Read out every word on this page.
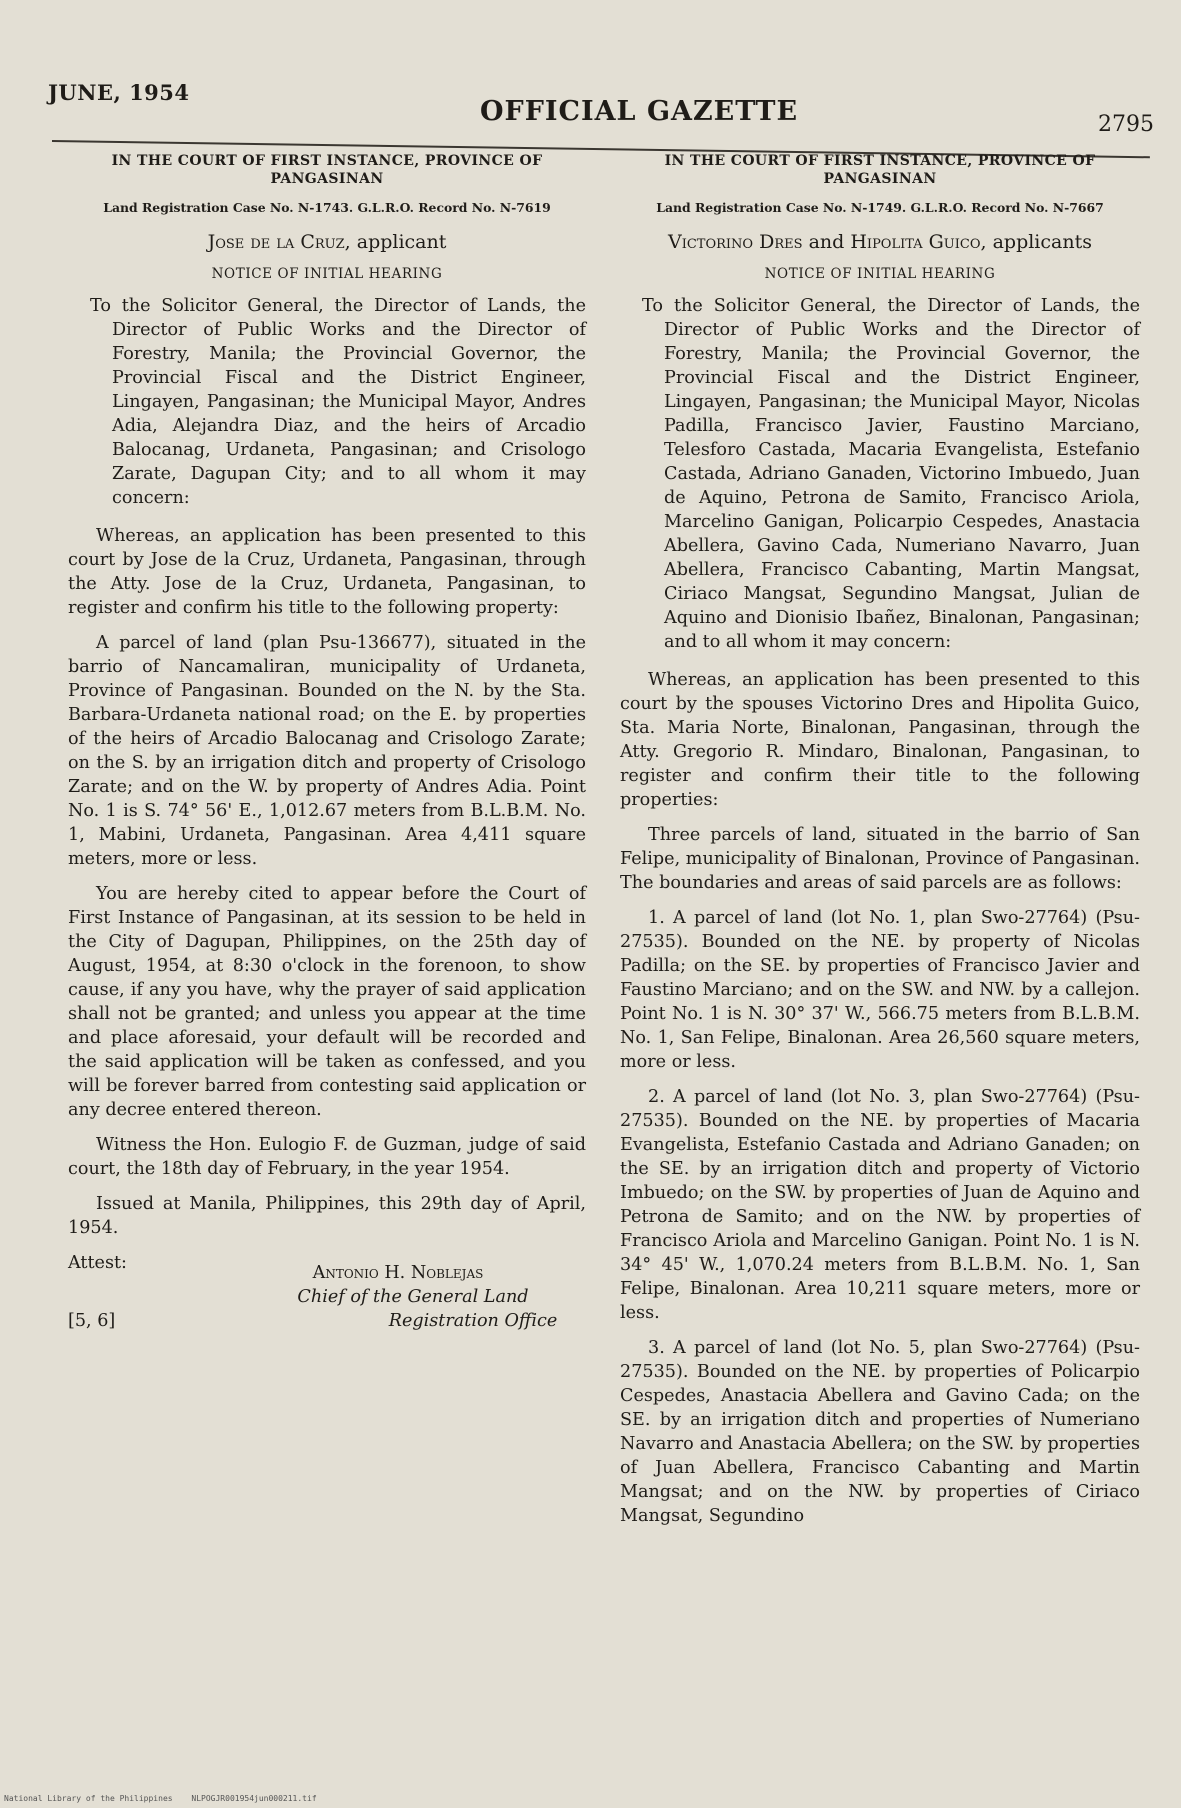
JUNE, 1954
OFFICIAL GAZETTE	2795
IN THE COURT OF FIRST INSTANCE, PROVINCE OF PANGASINAN
Land Registration Case No. N-1743. G.L.R.O. Record No. N-7619
Jose de la Cruz, applicant
NOTICE OF INITIAL HEARING

To the Solicitor General, the Director of Lands, the Director of Public Works and the Director of Forestry, Manila; the Provincial Governor, the Provincial Fiscal and the District Engineer, Lingayen, Pangasinan; the Municipal Mayor, Andres Adia, Alejandra Diaz, and the heirs of Arcadio Balocanag, Urdaneta, Pangasinan; and Crisologo Zarate, Dagupan City; and to all whom it may concern:

Whereas, an application has been presented to this court by Jose de la Cruz, Urdaneta, Pangasinan, through the Atty. Jose de la Cruz, Urdaneta, Pangasinan, to register and confirm his title to the following property:

A parcel of land (plan Psu-136677), situated in the barrio of Nancamaliran, municipality of Urdaneta, Province of Pangasinan. Bounded on the N. by the Sta. Barbara-Urdaneta national road; on the E. by properties of the heirs of Arcadio Balocanag and Crisologo Zarate; on the S. by an irrigation ditch and property of Crisologo Zarate; and on the W. by property of Andres Adia. Point No. 1 is S. 74° 56' E., 1,012.67 meters from B.L.B.M. No. 1, Mabini, Urdaneta, Pangasinan. Area 4,411 square meters, more or less.

You are hereby cited to appear before the Court of First Instance of Pangasinan, at its session to be held in the City of Dagupan, Philippines, on the 25th day of August, 1954, at 8:30 o'clock in the forenoon, to show cause, if any you have, why the prayer of said application shall not be granted; and unless you appear at the time and place aforesaid, your default will be recorded and the said application will be taken as confessed, and you will be forever barred from contesting said application or any decree entered thereon.

Witness the Hon. Eulogio F. de Guzman, judge of said court, the 18th day of February, in the year 1954.

Issued at Manila, Philippines, this 29th day of April, 1954.

Attest:	Antonio H. Noblejas
Chief of the General Land
Registration Office
[5, 6]
IN THE COURT OF FIRST INSTANCE, PROVINCE OF PANGASINAN
Land Registration Case No. N-1749. G.L.R.O. Record No. N-7667
Victorino Dres and Hipolita Guico, applicants
NOTICE OF INITIAL HEARING

To the Solicitor General, the Director of Lands, the Director of Public Works and the Director of Forestry, Manila; the Provincial Governor, the Provincial Fiscal and the District Engineer, Lingayen, Pangasinan; the Municipal Mayor, Nicolas Padilla, Francisco Javier, Faustino Marciano, Telesforo Castada, Macaria Evangelista, Estefanio Castada, Adriano Ganaden, Victorino Imbuedo, Juan de Aquino, Petrona de Samito, Francisco Ariola, Marcelino Ganigan, Policarpio Cespedes, Anastacia Abellera, Gavino Cada, Numeriano Navarro, Juan Abellera, Francisco Cabanting, Martin Mangsat, Ciriaco Mangsat, Segundino Mangsat, Julian de Aquino and Dionisio Ibañez, Binalonan, Pangasinan; and to all whom it may concern:

Whereas, an application has been presented to this court by the spouses Victorino Dres and Hipolita Guico, Sta. Maria Norte, Binalonan, Pangasinan, through the Atty. Gregorio R. Mindaro, Binalonan, Pangasinan, to register and confirm their title to the following properties:

Three parcels of land, situated in the barrio of San Felipe, municipality of Binalonan, Province of Pangasinan. The boundaries and areas of said parcels are as follows:

1. A parcel of land (lot No. 1, plan Swo-27764) (Psu-27535). Bounded on the NE. by property of Nicolas Padilla; on the SE. by properties of Francisco Javier and Faustino Marciano; and on the SW. and NW. by a callejon. Point No. 1 is N. 30° 37' W., 566.75 meters from B.L.B.M. No. 1, San Felipe, Binalonan. Area 26,560 square meters, more or less.

2. A parcel of land (lot No. 3, plan Swo-27764) (Psu-27535). Bounded on the NE. by properties of Macaria Evangelista, Estefanio Castada and Adriano Ganaden; on the SE. by an irrigation ditch and property of Victorio Imbuedo; on the SW. by properties of Juan de Aquino and Petrona de Samito; and on the NW. by properties of Francisco Ariola and Marcelino Ganigan. Point No. 1 is N. 34° 45' W., 1,070.24 meters from B.L.B.M. No. 1, San Felipe, Binalonan. Area 10,211 square meters, more or less.

3. A parcel of land (lot No. 5, plan Swo-27764) (Psu-27535). Bounded on the NE. by properties of Policarpio Cespedes, Anastacia Abellera and Gavino Cada; on the SE. by an irrigation ditch and properties of Numeriano Navarro and Anastacia Abellera; on the SW. by properties of Juan Abellera, Francisco Cabanting and Martin Mangsat; and on the NW. by properties of Ciriaco Mangsat, Segundino

National Library of the Philippines NLPOGJR001954jun000211.tif
